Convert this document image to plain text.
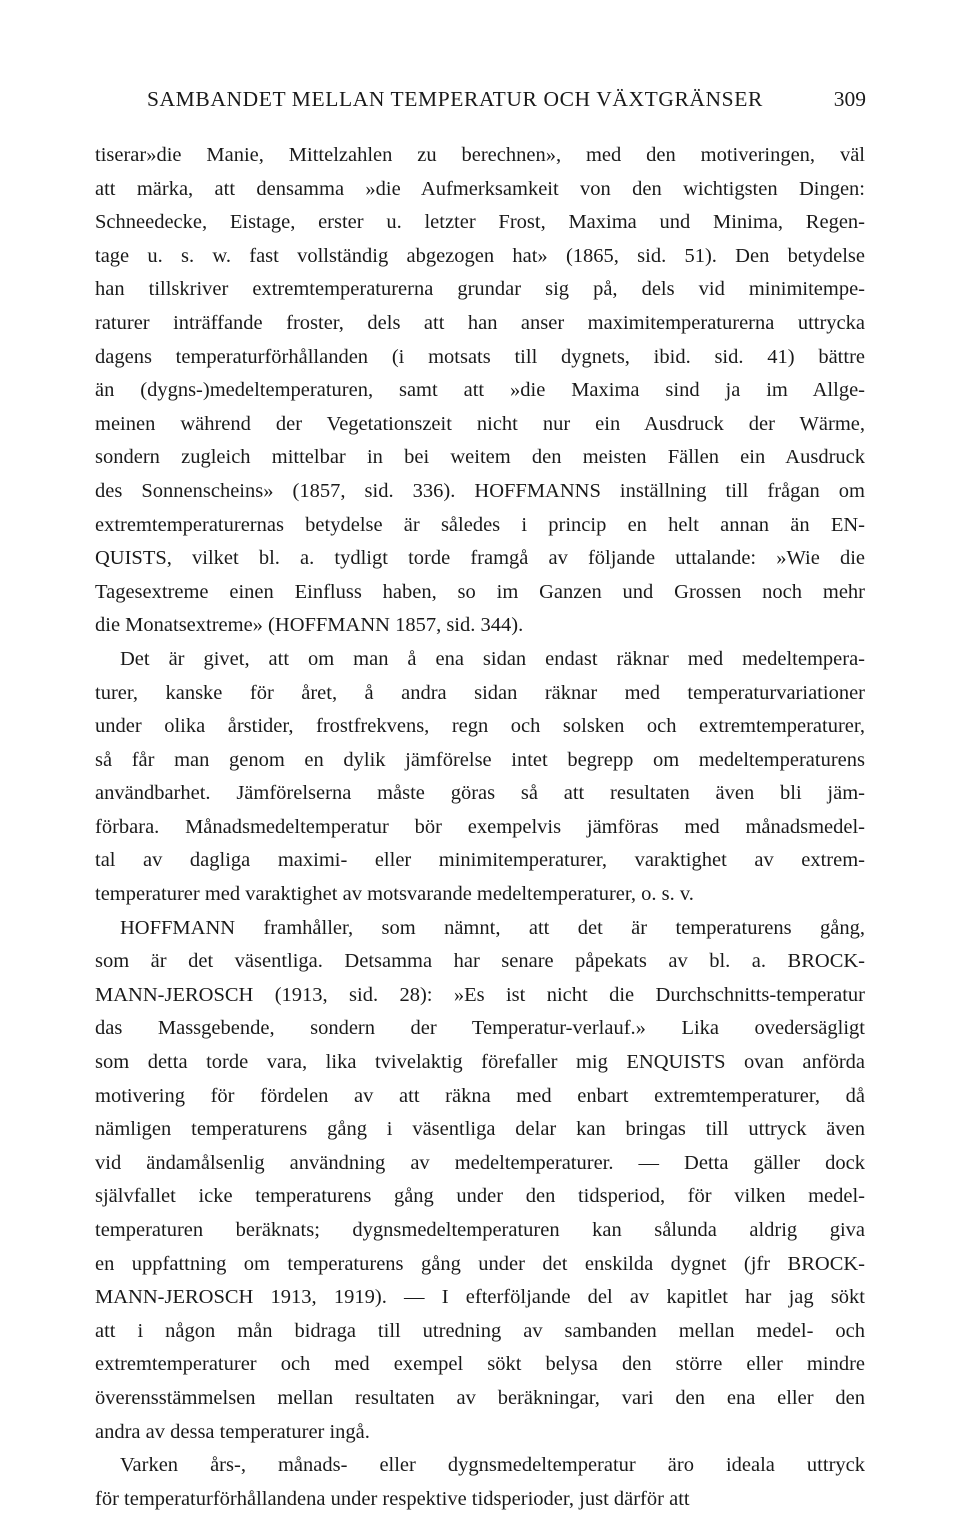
SAMBANDET MELLAN TEMPERATUR OCH VÄXTGRÄNSER	309
tiserar»die Manie, Mittelzahlen zu berechnen», med den motiveringen, väl
att märka, att densamma »die Aufmerksamkeit von den wichtigsten Dingen:
Schneedecke, Eistage, erster u. letzter Frost, Maxima und Minima, Regen-
tage u. s. w. fast vollständig abgezogen hat» (1865, sid. 51). Den betydelse
han tillskriver extremtemperaturerna grundar sig på, dels vid minimitempe-
raturer inträffande froster, dels att han anser maximitemperaturerna uttrycka
dagens temperaturförhållanden (i motsats till dygnets, ibid. sid. 41) bättre
än (dygns-)medeltemperaturen, samt att »die Maxima sind ja im Allge-
meinen während der Vegetationszeit nicht nur ein Ausdruck der Wärme,
sondern zugleich mittelbar in bei weitem den meisten Fällen ein Ausdruck
des Sonnenscheins» (1857, sid. 336). HOFFMANNS inställning till frågan om
extremtemperaturernas betydelse är således i princip en helt annan än EN-
QUISTS, vilket bl. a. tydligt torde framgå av följande uttalande: »Wie die
Tagesextreme einen Einfluss haben, so im Ganzen und Grossen noch mehr
die Monatsextreme» (HOFFMANN 1857, sid. 344).
Det är givet, att om man å ena sidan endast räknar med medeltempera-
turer, kanske för året, å andra sidan räknar med temperaturvariationer
under olika årstider, frostfrekvens, regn och solsken och extremtemperaturer,
så får man genom en dylik jämförelse intet begrepp om medeltemperaturens
användbarhet. Jämförelserna måste göras så att resultaten även bli jäm-
förbara. Månadsmedeltemperatur bör exempelvis jämföras med månadsmedel-
tal av dagliga maximi- eller minimitemperaturer, varaktighet av extrem-
temperaturer med varaktighet av motsvarande medeltemperaturer, o. s. v.
HOFFMANN framhåller, som nämnt, att det är temperaturens gång,
som är det väsentliga. Detsamma har senare påpekats av bl. a. BROCK-
MANN-JEROSCH (1913, sid. 28): »Es ist nicht die Durchschnitts-temperatur
das Massgebende, sondern der Temperatur-verlauf.» Lika ovedersägligt
som detta torde vara, lika tvivelaktig förefaller mig ENQUISTS ovan anförda
motivering för fördelen av att räkna med enbart extremtemperaturer, då
nämligen temperaturens gång i väsentliga delar kan bringas till uttryck även
vid ändamålsenlig användning av medeltemperaturer. — Detta gäller dock
självfallet icke temperaturens gång under den tidsperiod, för vilken medel-
temperaturen beräknats; dygnsmedeltemperaturen kan sålunda aldrig giva
en uppfattning om temperaturens gång under det enskilda dygnet (jfr BROCK-
MANN-JEROSCH 1913, 1919). — I efterföljande del av kapitlet har jag sökt
att i någon mån bidraga till utredning av sambanden mellan medel- och
extremtemperaturer och med exempel sökt belysa den större eller mindre
överensstämmelsen mellan resultaten av beräkningar, vari den ena eller den
andra av dessa temperaturer ingå.
Varken års-, månads- eller dygnsmedeltemperatur äro ideala uttryck
för temperaturförhållandena under respektive tidsperioder, just därför att
